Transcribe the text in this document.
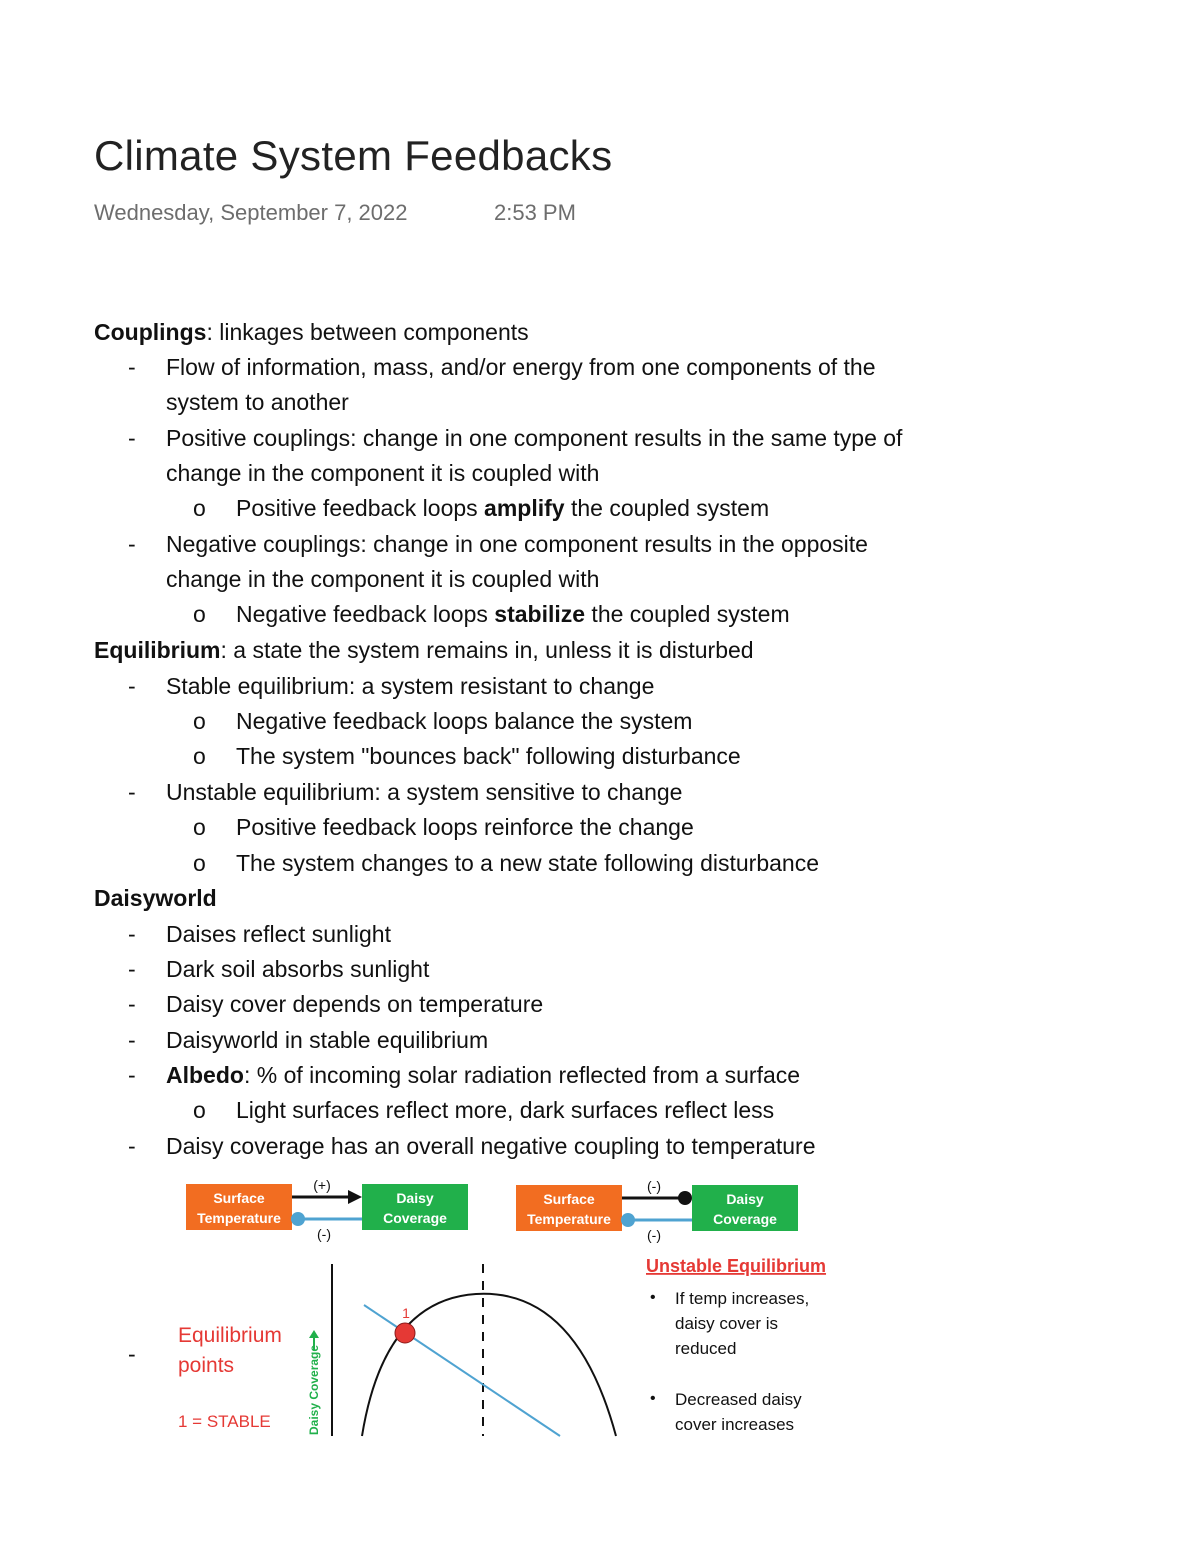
Climate System Feedbacks
Wednesday, September 7, 2022	2:53 PM
Couplings: linkages between components
- Flow of information, mass, and/or energy from one components of the
system to another
- Positive couplings: change in one component results in the same type of
change in the component it is coupled with
o Positive feedback loops amplify the coupled system
- Negative couplings: change in one component results in the opposite
change in the component it is coupled with
o Negative feedback loops stabilize the coupled system
Equilibrium: a state the system remains in, unless it is disturbed
- Stable equilibrium: a system resistant to change
o Negative feedback loops balance the system
o The system "bounces back" following disturbance
- Unstable equilibrium: a system sensitive to change
o Positive feedback loops reinforce the change
o The system changes to a new state following disturbance
Daisyworld
- Daises reflect sunlight
- Dark soil absorbs sunlight
- Daisy cover depends on temperature
- Daisyworld in stable equilibrium
- Albedo: % of incoming solar radiation reflected from a surface
o Light surfaces reflect more, dark surfaces reflect less
- Daisy coverage has an overall negative coupling to temperature
-
Surface
Temperature
Daisy
Coverage
(+)
(-)
Surface
Temperature
Daisy
Coverage
(-)
(-)
Equilibrium
points
1 = STABLE	Daisy Coverage
1
Unstable Equilibrium
• If temp increases,
daisy cover is
reduced
• Decreased daisy
cover increases
